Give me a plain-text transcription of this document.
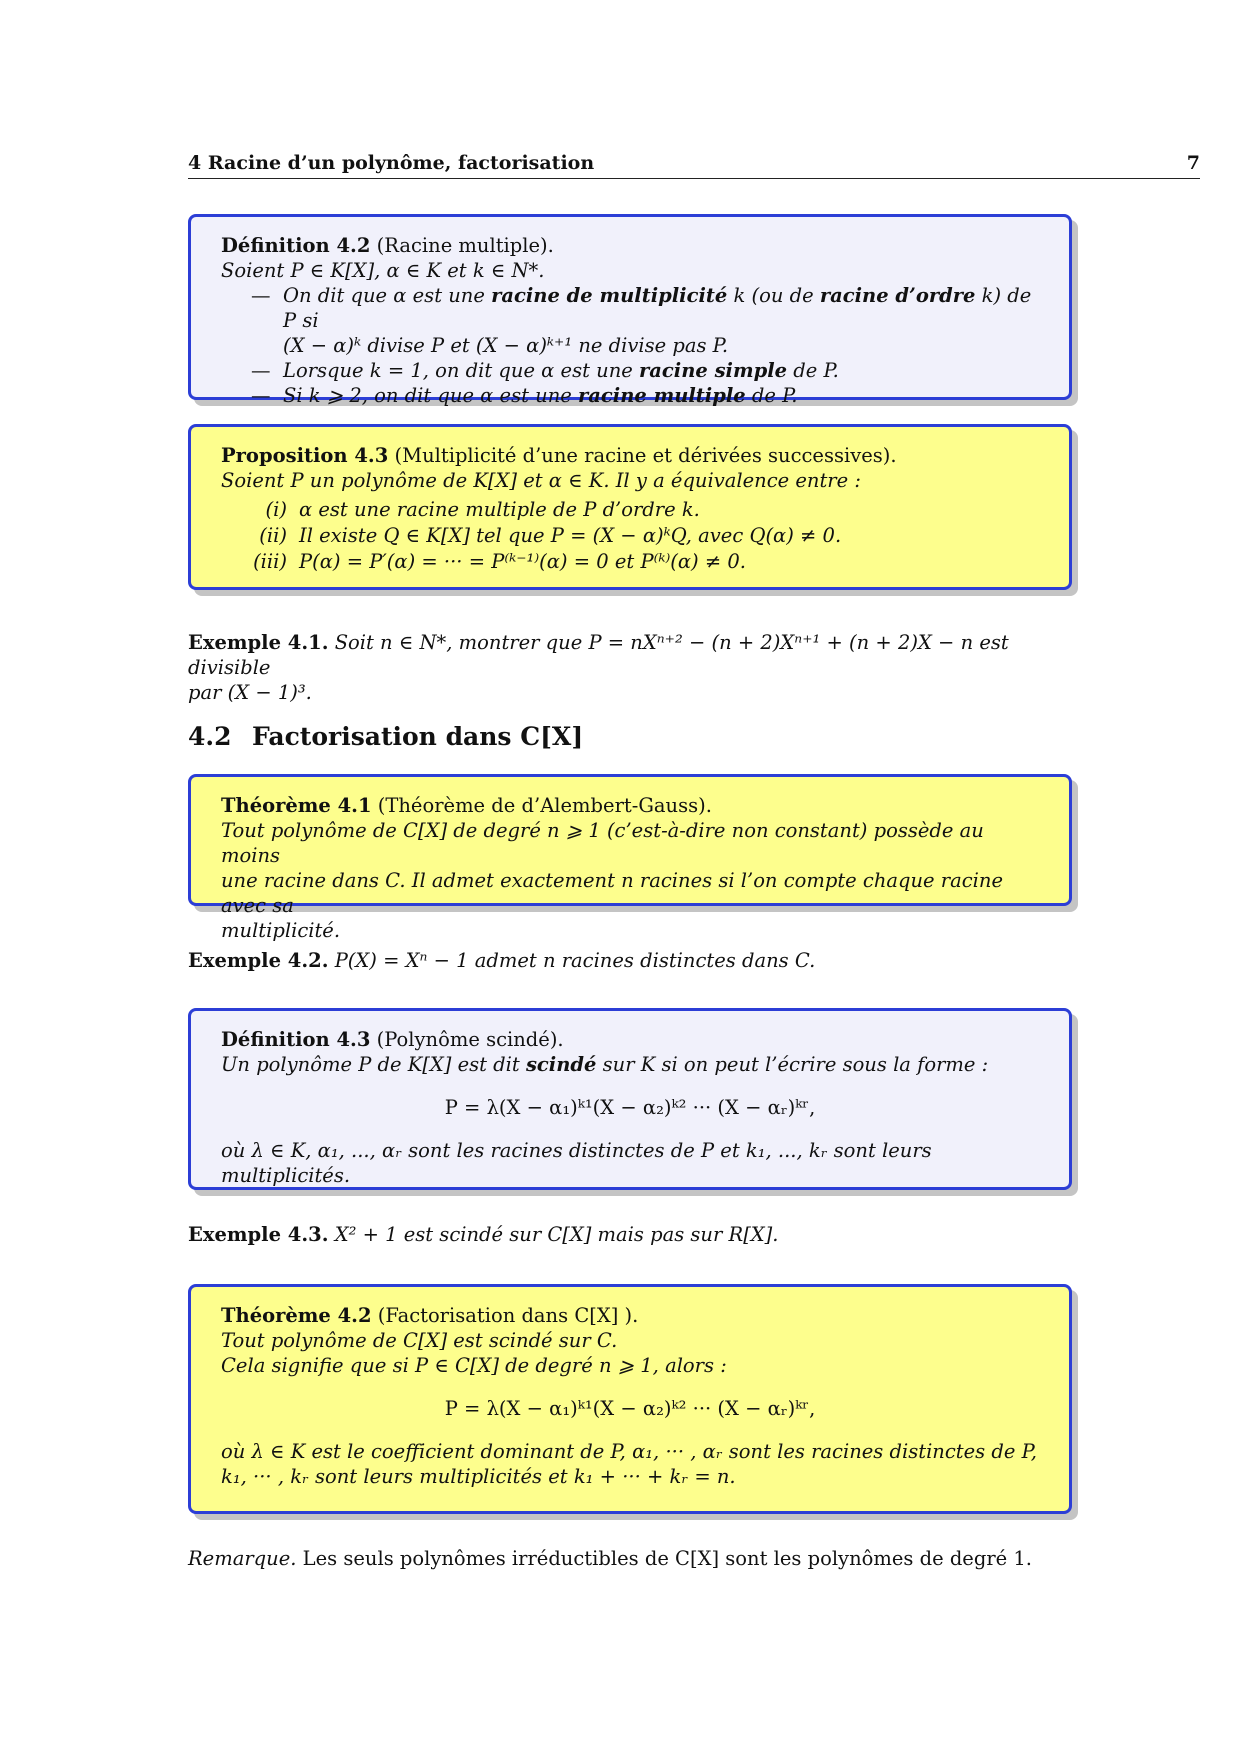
4 Racine d’un polynôme, factorisation	7
Définition 4.2 (Racine multiple).
Soient P ∈ K[X], α ∈ K et k ∈ N*.
— On dit que α est une racine de multiplicité k (ou de racine d’ordre k) de P si
(X − α)ᵏ divise P et (X − α)ᵏ⁺¹ ne divise pas P.
— Lorsque k = 1, on dit que α est une racine simple de P.
— Si k ⩾ 2, on dit que α est une racine multiple de P.
Proposition 4.3 (Multiplicité d’une racine et dérivées successives).
Soient P un polynôme de K[X] et α ∈ K. Il y a équivalence entre :
(i) α est une racine multiple de P d’ordre k.
(ii) Il existe Q ∈ K[X] tel que P = (X − α)ᵏQ, avec Q(α) ≠ 0.
(iii) P(α) = P′(α) = ··· = P⁽ᵏ⁻¹⁾(α) = 0 et P⁽ᵏ⁾(α) ≠ 0.
Exemple 4.1. Soit n ∈ N*, montrer que P = nXⁿ⁺² − (n + 2)Xⁿ⁺¹ + (n + 2)X − n est divisible
par (X − 1)³.
4.2 Factorisation dans C[X]
Théorème 4.1 (Théorème de d’Alembert-Gauss).
Tout polynôme de C[X] de degré n ⩾ 1 (c’est-à-dire non constant) possède au moins
une racine dans C. Il admet exactement n racines si l’on compte chaque racine avec sa
multiplicité.
Exemple 4.2. P(X) = Xⁿ − 1 admet n racines distinctes dans C.
Définition 4.3 (Polynôme scindé).
Un polynôme P de K[X] est dit scindé sur K si on peut l’écrire sous la forme :
P = λ(X − α₁)ᵏ¹(X − α₂)ᵏ² ··· (X − αᵣ)ᵏʳ,
où λ ∈ K, α₁, ..., αᵣ sont les racines distinctes de P et k₁, ..., kᵣ sont leurs multiplicités.
Exemple 4.3. X² + 1 est scindé sur C[X] mais pas sur R[X].
Théorème 4.2 (Factorisation dans C[X] ).
Tout polynôme de C[X] est scindé sur C.
Cela signifie que si P ∈ C[X] de degré n ⩾ 1, alors :
P = λ(X − α₁)ᵏ¹(X − α₂)ᵏ² ··· (X − αᵣ)ᵏʳ,
où λ ∈ K est le coefficient dominant de P, α₁, ··· , αᵣ sont les racines distinctes de P,
k₁, ··· , kᵣ sont leurs multiplicités et k₁ + ··· + kᵣ = n.
Remarque. Les seuls polynômes irréductibles de C[X] sont les polynômes de degré 1.
